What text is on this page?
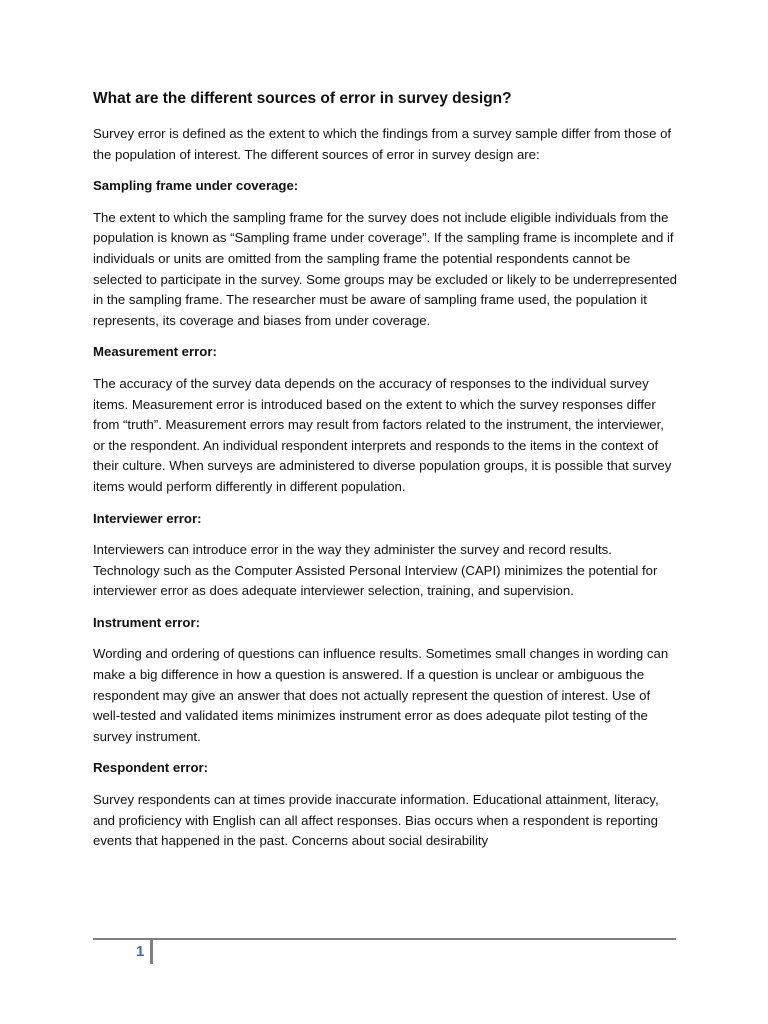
What are the different sources of error in survey design?

Survey error is defined as the extent to which the findings from a survey sample differ from those of the population of interest. The different sources of error in survey design are:

Sampling frame under coverage:

The extent to which the sampling frame for the survey does not include eligible individuals from the population is known as “Sampling frame under coverage”. If the sampling frame is incomplete and if individuals or units are omitted from the sampling frame the potential respondents cannot be selected to participate in the survey. Some groups may be excluded or likely to be underrepresented in the sampling frame. The researcher must be aware of sampling frame used, the population it represents, its coverage and biases from under coverage.

Measurement error:

The accuracy of the survey data depends on the accuracy of responses to the individual survey items. Measurement error is introduced based on the extent to which the survey responses differ from “truth”. Measurement errors may result from factors related to the instrument, the interviewer, or the respondent. An individual respondent interprets and responds to the items in the context of their culture. When surveys are administered to diverse population groups, it is possible that survey items would perform differently in different population.

Interviewer error:

Interviewers can introduce error in the way they administer the survey and record results. Technology such as the Computer Assisted Personal Interview (CAPI) minimizes the potential for interviewer error as does adequate interviewer selection, training, and supervision.

Instrument error:

Wording and ordering of questions can influence results. Sometimes small changes in wording can make a big difference in how a question is answered. If a question is unclear or ambiguous the respondent may give an answer that does not actually represent the question of interest. Use of well-tested and validated items minimizes instrument error as does adequate pilot testing of the survey instrument.

Respondent error:

Survey respondents can at times provide inaccurate information. Educational attainment, literacy, and proficiency with English can all affect responses. Bias occurs when a respondent is reporting events that happened in the past. Concerns about social desirability

1
